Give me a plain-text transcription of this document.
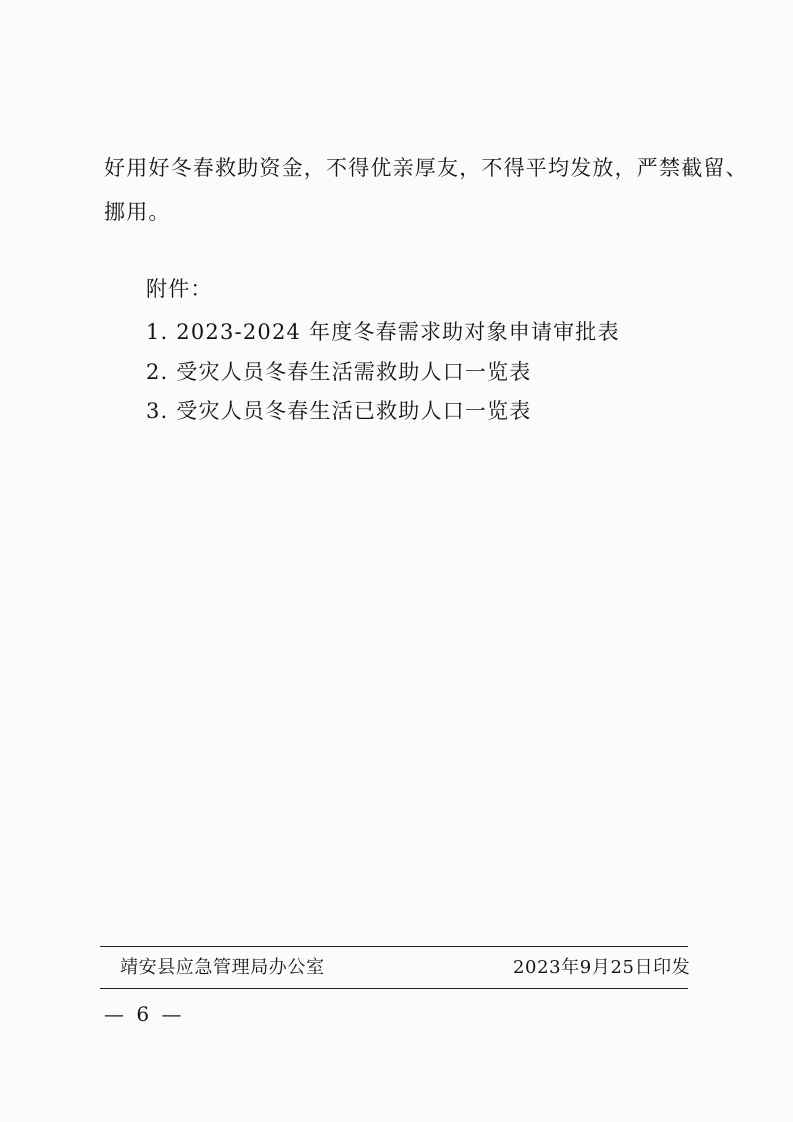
好用好冬春救助资金，不得优亲厚友，不得平均发放，严禁截留、
挪用。
附件：
1. 2023-2024 年度冬春需求助对象申请审批表
2. 受灾人员冬春生活需救助人口一览表
3. 受灾人员冬春生活已救助人口一览表
靖安县应急管理局办公室	2023年9月25日印发
— 6 —
